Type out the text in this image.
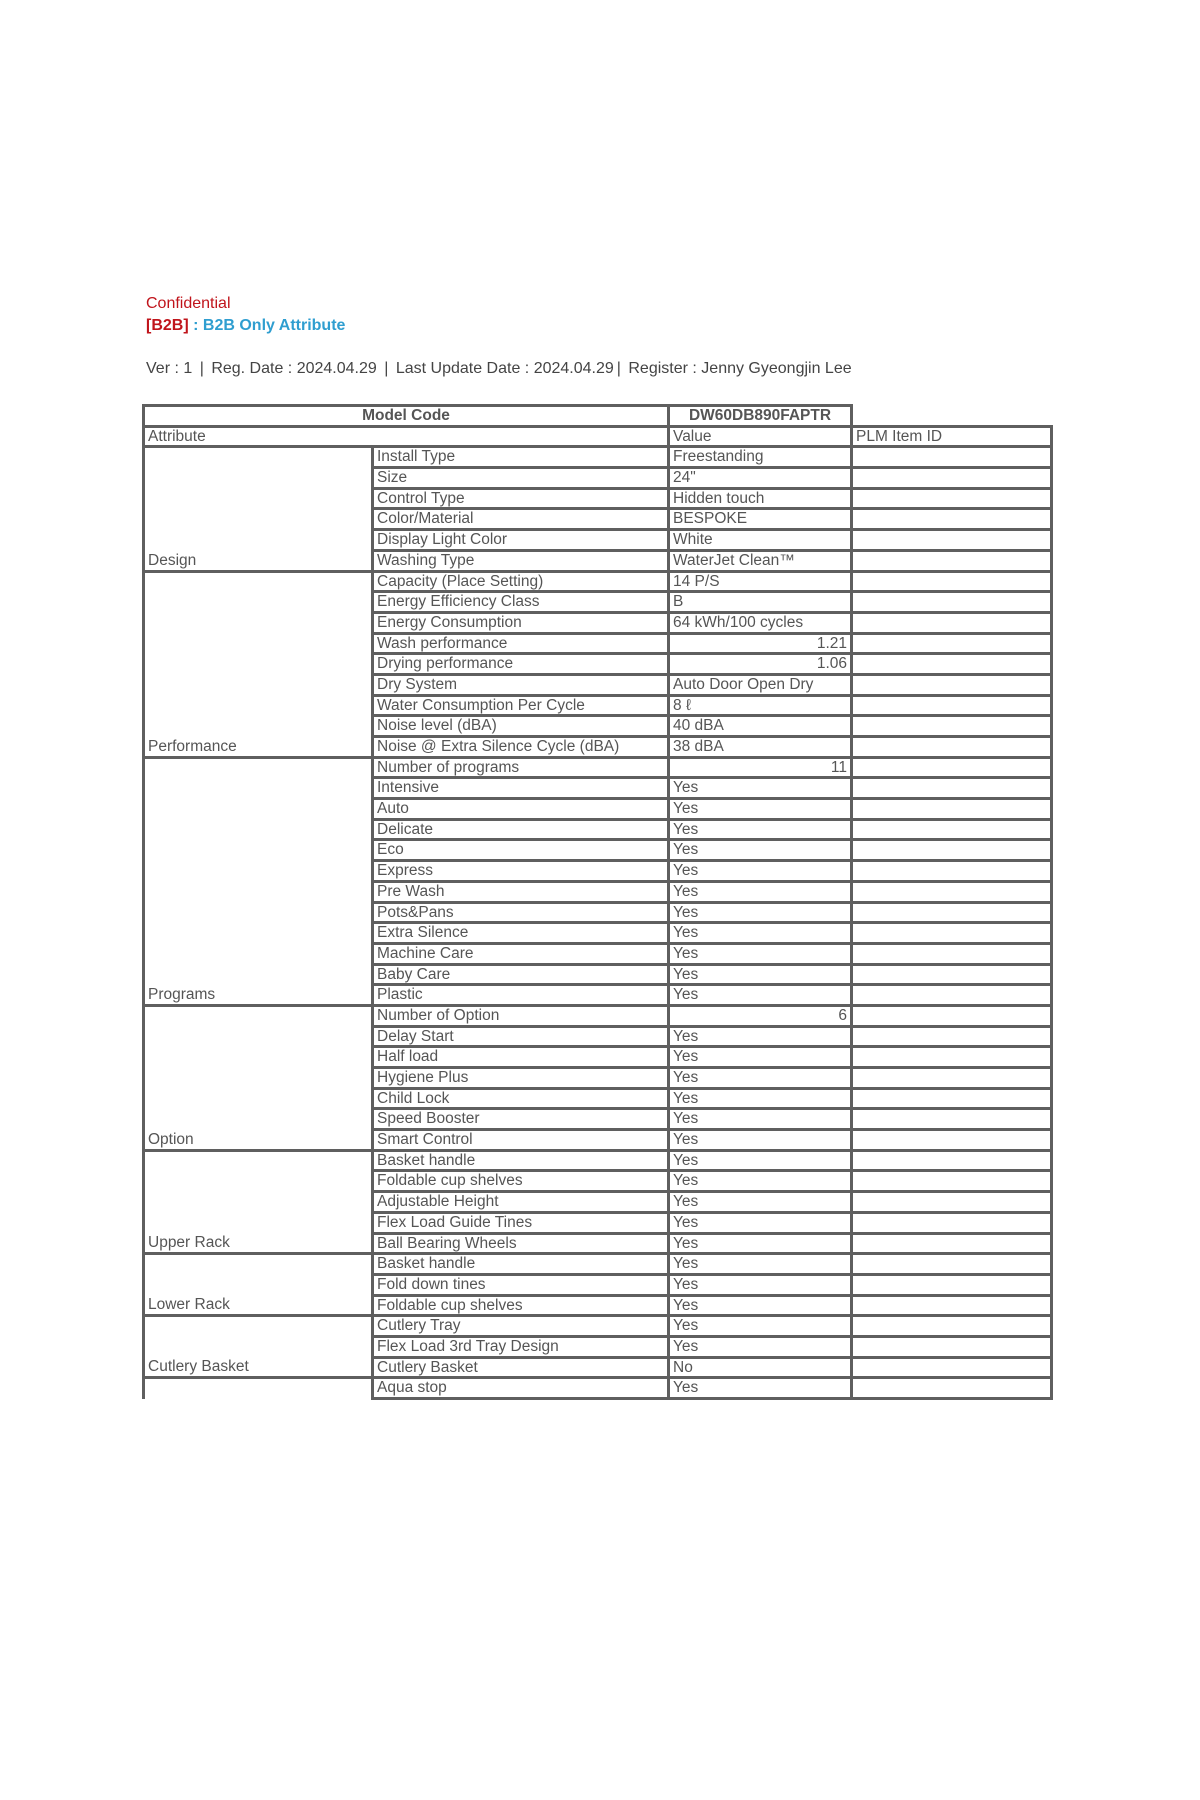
Confidential
[B2B] : B2B Only Attribute
Ver : 1 | Reg. Date : 2024.04.29 | Last Update Date : 2024.04.29 | Register : Jenny Gyeongjin Lee
Model Code		DW60DB890FAPTR	
Attribute		Value	PLM Item ID
Design	Install Type	Freestanding	
	Size	24"	
	Control Type	Hidden touch	
	Color/Material	BESPOKE	
	Display Light Color	White	
	Washing Type	WaterJet Clean™	
Performance	Capacity (Place Setting)	14 P/S	
	Energy Efficiency Class	B	
	Energy Consumption	64 kWh/100 cycles	
	Wash performance	1.21	
	Drying performance	1.06	
	Dry System	Auto Door Open Dry	
	Water Consumption Per Cycle	8 ℓ	
	Noise level (dBA)	40 dBA	
	Noise @ Extra Silence Cycle (dBA)	38 dBA	
Programs	Number of programs	11	
	Intensive	Yes	
	Auto	Yes	
	Delicate	Yes	
	Eco	Yes	
	Express	Yes	
	Pre Wash	Yes	
	Pots&Pans	Yes	
	Extra Silence	Yes	
	Machine Care	Yes	
	Baby Care	Yes	
	Plastic	Yes	
Option	Number of Option	6	
	Delay Start	Yes	
	Half load	Yes	
	Hygiene Plus	Yes	
	Child Lock	Yes	
	Speed Booster	Yes	
	Smart Control	Yes	
Upper Rack	Basket handle	Yes	
	Foldable cup shelves	Yes	
	Adjustable Height	Yes	
	Flex Load Guide Tines	Yes	
	Ball Bearing Wheels	Yes	
Lower Rack	Basket handle	Yes	
	Fold down tines	Yes	
	Foldable cup shelves	Yes	
Cutlery Basket	Cutlery Tray	Yes	
	Flex Load 3rd Tray Design	Yes	
	Cutlery Basket	No	
	Aqua stop	Yes	
